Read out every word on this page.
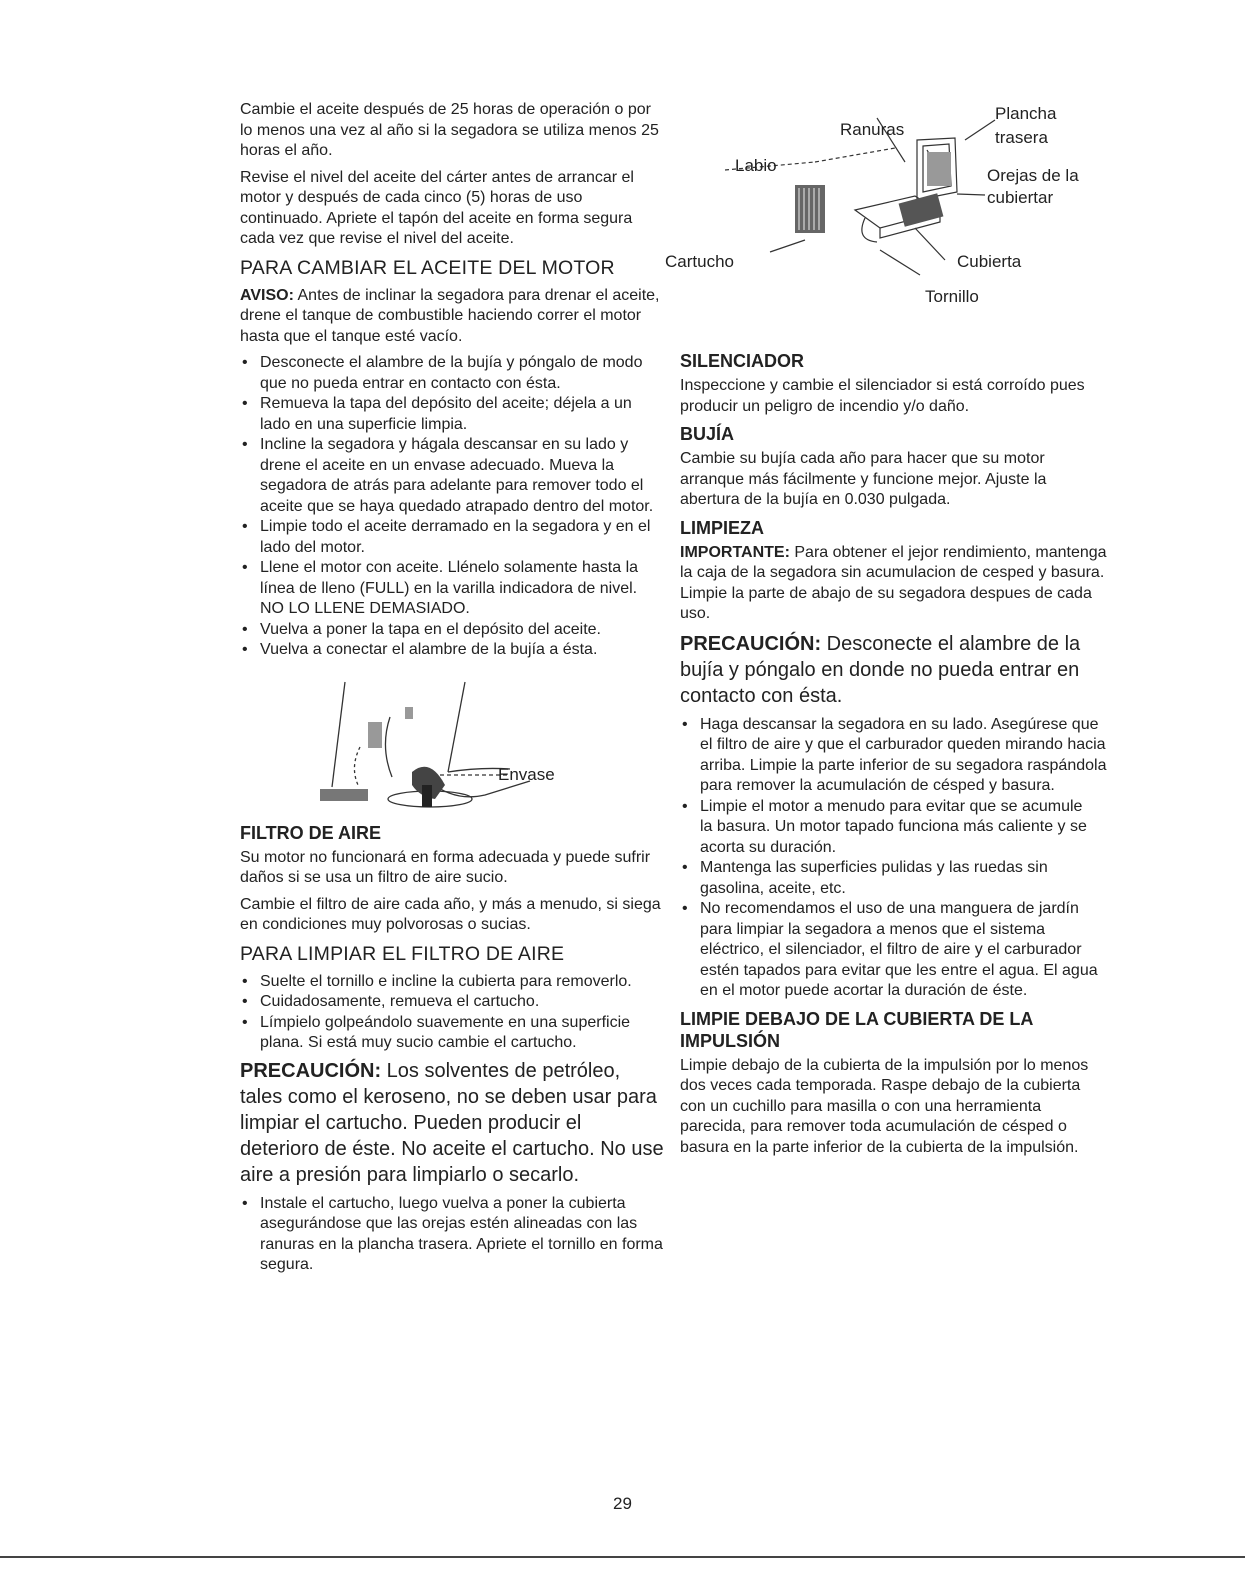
Cambie el aceite después de 25 horas de operación o por lo menos una vez al año si la segadora se utiliza menos 25 horas el año.

Revise el nivel del aceite del cárter antes de arrancar el motor y después de cada cinco (5) horas de uso continuado. Apriete el tapón del aceite en forma segura cada vez que revise el nivel del aceite.

PARA CAMBIAR EL ACEITE DEL MOTOR

AVISO: Antes de inclinar la segadora para drenar el aceite, drene el tanque de combustible haciendo correr el motor hasta que el tanque esté vacío.

• Desconecte el alambre de la bujía y póngalo de modo que no pueda entrar en contacto con ésta.
• Remueva la tapa del depósito del aceite; déjela a un lado en una superficie limpia.
• Incline la segadora y hágala descansar en su lado y drene el aceite en un envase adecuado. Mueva la segadora de atrás para adelante para remover todo el aceite que se haya quedado atrapado dentro del motor.
• Limpie todo el aceite derramado en la segadora y en el lado del motor.
• Llene el motor con aceite. Llénelo solamente hasta la línea de lleno (FULL) en la varilla indicadora de nivel. NO LO LLENE DEMASIADO.
• Vuelva a poner la tapa en el depósito del aceite.
• Vuelva a conectar el alambre de la bujía a ésta.
Envase
FILTRO DE AIRE

Su motor no funcionará en forma adecuada y puede sufrir daños si se usa un filtro de aire sucio.

Cambie el filtro de aire cada año, y más a menudo, si siega en condiciones muy polvorosas o sucias.

PARA LIMPIAR EL FILTRO DE AIRE
• Suelte el tornillo e incline la cubierta para removerlo.
• Cuidadosamente, remueva el cartucho.
• Límpielo golpeándolo suavemente en una superficie plana. Si está muy sucio cambie el cartucho.

PRECAUCIÓN: Los solventes de petróleo, tales como el keroseno, no se deben usar para limpiar el cartucho. Pueden producir el deterioro de éste. No aceite el cartucho. No use aire a presión para limpiarlo o secarlo.

• Instale el cartucho, luego vuelva a poner la cubierta asegurándose que las orejas estén alineadas con las ranuras en la plancha trasera. Apriete el tornillo en forma segura.
Ranuras
Plancha
trasera
Labio
Orejas de la
cubiertar
Cartucho	Cubierta
Tornillo
SILENCIADOR

Inspeccione y cambie el silenciador si está corroído pues producir un peligro de incendio y/o daño.

BUJÍA

Cambie su bujía cada año para hacer que su motor arranque más fácilmente y funcione mejor. Ajuste la abertura de la bujía en 0.030 pulgada.

LIMPIEZA

IMPORTANTE: Para obtener el jejor rendimiento, mantenga la caja de la segadora sin acumulacion de cesped y basura. Limpie la parte de abajo de su segadora despues de cada uso.

PRECAUCIÓN: Desconecte el alambre de la bujía y póngalo en donde no pueda entrar en contacto con ésta.

• Haga descansar la segadora en su lado. Asegúrese que el filtro de aire y que el carburador queden mirando hacia arriba. Limpie la parte inferior de su segadora raspándola para remover la acumulación de césped y basura.
• Limpie el motor a menudo para evitar que se acumule
la basura. Un motor tapado funciona más caliente y se acorta su duración.
• Mantenga las superficies pulidas y las ruedas sin gasolina, aceite, etc.
• No recomendamos el uso de una manguera de jardín para limpiar la segadora a menos que el sistema eléctrico, el silenciador, el filtro de aire y el carburador estén tapados para evitar que les entre el agua. El agua en el motor puede acortar la duración de éste.
LIMPIE DEBAJO DE LA CUBIERTA DE LA IMPULSIÓN

Limpie debajo de la cubierta de la impulsión por lo menos dos veces cada temporada. Raspe debajo de la cubierta con un cuchillo para masilla o con una herramienta parecida, para remover toda acumulación de césped o basura en la parte inferior de la cubierta de la impulsión.

29
